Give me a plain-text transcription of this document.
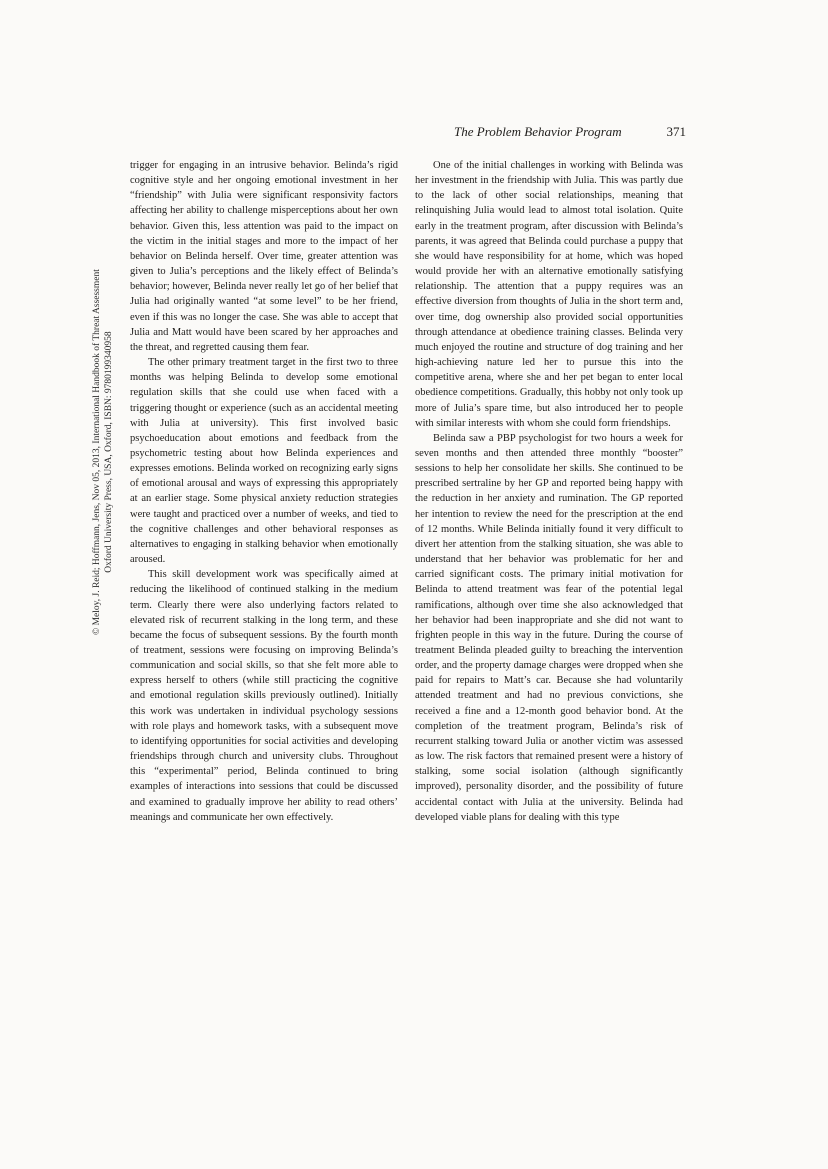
The Problem Behavior Program	371
© Meloy, J. Reid; Hoffmann, Jens, Nov 05, 2013, International Handbook of Threat Assessment Oxford University Press, USA, Oxford, ISBN: 9780199340958

trigger for engaging in an intrusive behavior. Belinda’s rigid cognitive style and her ongoing emotional investment in her “friendship” with Julia were significant responsivity factors affecting her ability to challenge misperceptions about her own behavior. Given this, less attention was paid to the impact on the victim in the initial stages and more to the impact of her behavior on Belinda herself. Over time, greater attention was given to Julia’s perceptions and the likely effect of Belinda’s behavior; however, Belinda never really let go of her belief that Julia had originally wanted “at some level” to be her friend, even if this was no longer the case. She was able to accept that Julia and Matt would have been scared by her approaches and the threat, and regretted causing them fear.

The other primary treatment target in the first two to three months was helping Belinda to develop some emotional regulation skills that she could use when faced with a triggering thought or experience (such as an accidental meeting with Julia at university). This first involved basic psychoeducation about emotions and feedback from the psychometric testing about how Belinda experiences and expresses emotions. Belinda worked on recognizing early signs of emotional arousal and ways of expressing this appropriately at an earlier stage. Some physical anxiety reduction strategies were taught and practiced over a number of weeks, and tied to the cognitive challenges and other behavioral responses as alternatives to engaging in stalking behavior when emotionally aroused.

This skill development work was specifically aimed at reducing the likelihood of continued stalking in the medium term. Clearly there were also underlying factors related to elevated risk of recurrent stalking in the long term, and these became the focus of subsequent sessions. By the fourth month of treatment, sessions were focusing on improving Belinda’s communication and social skills, so that she felt more able to express herself to others (while still practicing the cognitive and emotional regulation skills previously outlined). Initially this work was undertaken in individual psychology sessions with role plays and homework tasks, with a subsequent move to identifying opportunities for social activities and developing friendships through church and university clubs. Throughout this “experimental” period, Belinda continued to bring examples of interactions into sessions that could be discussed and examined to gradually improve her ability to read others’ meanings and communicate her own effectively.

One of the initial challenges in working with Belinda was her investment in the friendship with Julia. This was partly due to the lack of other social relationships, meaning that relinquishing Julia would lead to almost total isolation. Quite early in the treatment program, after discussion with Belinda’s parents, it was agreed that Belinda could purchase a puppy that she would have responsibility for at home, which was hoped would provide her with an alternative emotionally satisfying relationship. The attention that a puppy requires was an effective diversion from thoughts of Julia in the short term and, over time, dog ownership also provided social opportunities through attendance at obedience training classes. Belinda very much enjoyed the routine and structure of dog training and her high-achieving nature led her to pursue this into the competitive arena, where she and her pet began to enter local obedience competitions. Gradually, this hobby not only took up more of Julia’s spare time, but also introduced her to people with similar interests with whom she could form friendships.

Belinda saw a PBP psychologist for two hours a week for seven months and then attended three monthly “booster” sessions to help her consolidate her skills. She continued to be prescribed sertraline by her GP and reported being happy with the reduction in her anxiety and rumination. The GP reported her intention to review the need for the prescription at the end of 12 months. While Belinda initially found it very difficult to divert her attention from the stalking situation, she was able to understand that her behavior was problematic for her and carried significant costs. The primary initial motivation for Belinda to attend treatment was fear of the potential legal ramifications, although over time she also acknowledged that her behavior had been inappropriate and she did not want to frighten people in this way in the future. During the course of treatment Belinda pleaded guilty to breaching the intervention order, and the property damage charges were dropped when she paid for repairs to Matt’s car. Because she had voluntarily attended treatment and had no previous convictions, she received a fine and a 12-month good behavior bond. At the completion of the treatment program, Belinda’s risk of recurrent stalking toward Julia or another victim was assessed as low. The risk factors that remained present were a history of stalking, some social isolation (although significantly improved), personality disorder, and the possibility of future accidental contact with Julia at the university. Belinda had developed viable plans for dealing with this type
